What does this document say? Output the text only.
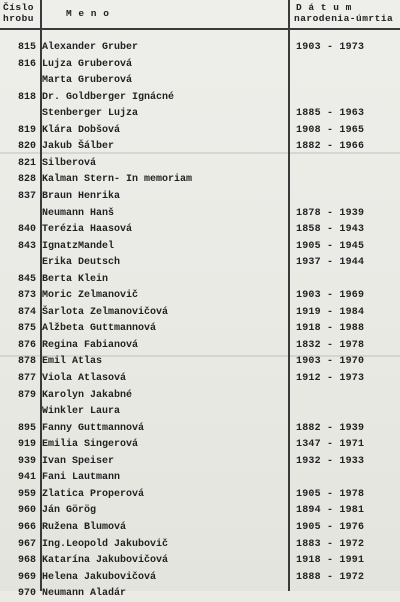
Číslo
hrobu	M e n o
D á t u m
narodenia-úmrtia
815 Alexander Gruber	1903 - 1973
816 Lujza Gruberová
Marta Gruberová
818 Dr. Goldberger Ignácné
Stenberger Lujza	1885 - 1963
819 Klára Dobšová	1908 - 1965
820 Jakub Šálber	1882 - 1966
821 Silberová
828 Kalman Stern- In memoriam
837 Braun Henrika
Neumann Hanš	1878 - 1939
840 Terézia Haasová	1858 - 1943
843 IgnatzMandel	1905 - 1945
Erika Deutsch	1937 - 1944
845 Berta Klein
873 Moric Zelmanovič	1903 - 1969
874 Šarlota Zelmanovičová	1919 - 1984
875 Alžbeta Guttmannová	1918 - 1988
876 Regina Fabianová	1832 - 1978
878 Emil Atlas	1903 - 1970
877 Viola Atlasová	1912 - 1973
879 Karolyn Jakabné
Winkler Laura
895 Fanny Guttmannová	1882 - 1939
919 Emilia Singerová	1347 - 1971
939 Ivan Speiser	1932 - 1933
941 Fani Lautmann
959 Zlatica Properová	1905 - 1978
960 Ján Görög	1894 - 1981
966 Ružena Blumová	1905 - 1976
967 Ing.Leopold Jakubovič	1883 - 1972
968 Katarína Jakubovičová	1918 - 1991
969 Helena Jakubovičová	1888 - 1972
970 Neumann Aladár
